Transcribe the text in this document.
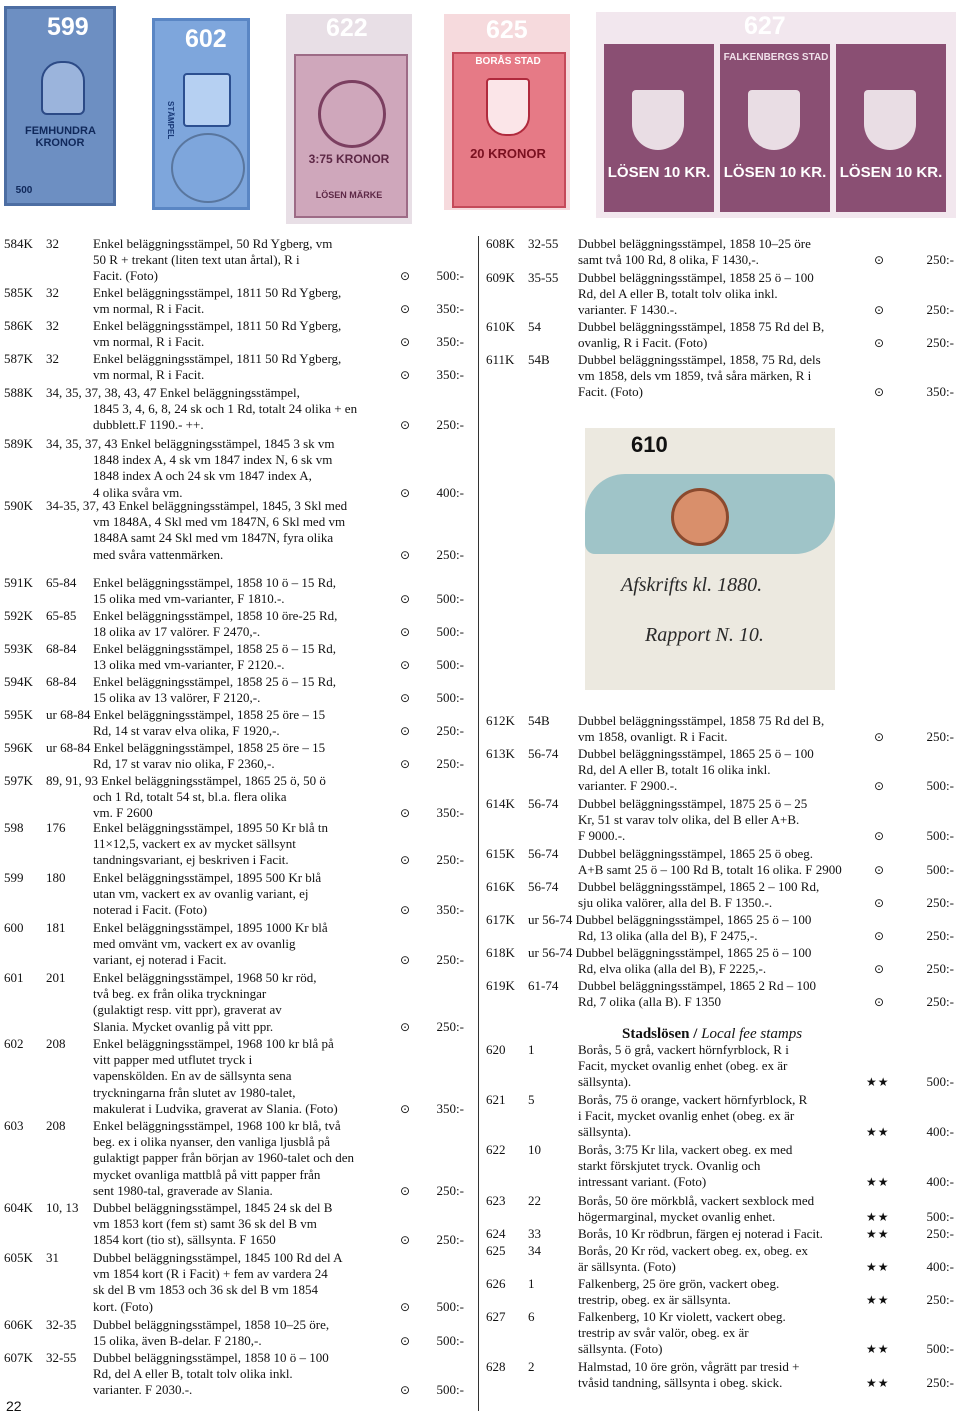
599
FEMHUNDRA KRONOR
500
602
STÄMPEL
622
3:75 KRONOR
LÖSEN MÄRKE
625
BORÅS STAD
20 KRONOR
627
FALKENBERGS STAD
LÖSEN 10 KR. LÖSEN 10 KR. LÖSEN 10 KR.
584K 32	Enkel beläggningsstämpel, 50 Rd Ygberg, vm
50 R + trekant (liten text utan årtal), R i
Facit. (Foto)	⊙	500:-
585K 32	Enkel beläggningsstämpel, 1811 50 Rd Ygberg,
vm normal, R i Facit.	⊙	350:-
586K 32	Enkel beläggningsstämpel, 1811 50 Rd Ygberg,
vm normal, R i Facit.	⊙	350:-
587K 32	Enkel beläggningsstämpel, 1811 50 Rd Ygberg,
vm normal, R i Facit.	⊙	350:-
588K 34, 35, 37, 38, 43, 47 Enkel beläggningsstämpel,
1845 3, 4, 6, 8, 24 sk och 1 Rd, totalt 24 olika + en
dubblett.F 1190.- ++.	⊙	250:-
589K 34, 35, 37, 43 Enkel beläggningsstämpel, 1845 3 sk vm
1848 index A, 4 sk vm 1847 index N, 6 sk vm
1848 index A och 24 sk vm 1847 index A,
4 olika svåra vm.	⊙	400:-
590K 34-35, 37, 43 Enkel beläggningsstämpel, 1845, 3 Skl med
vm 1848A, 4 Skl med vm 1847N, 6 Skl med vm
1848A samt 24 Skl med vm 1847N, fyra olika
med svåra vattenmärken.	⊙	250:-
591K 65-84 Enkel beläggningsstämpel, 1858 10 ö – 15 Rd,
15 olika med vm-varianter, F 1810.-.	⊙	500:-
592K 65-85 Enkel beläggningsstämpel, 1858 10 öre-25 Rd,
18 olika av 17 valörer. F 2470,-.	⊙	500:-
593K 68-84 Enkel beläggningsstämpel, 1858 25 ö – 15 Rd,
13 olika med vm-varianter, F 2120.-.	⊙	500:-
594K 68-84 Enkel beläggningsstämpel, 1858 25 ö – 15 Rd,
15 olika av 13 valörer, F 2120,-.	⊙	500:-
595K ur 68-84 Enkel beläggningsstämpel, 1858 25 öre – 15
Rd, 14 st varav elva olika, F 1920,-.	⊙	250:-
596K ur 68-84 Enkel beläggningsstämpel, 1858 25 öre – 15
Rd, 17 st varav nio olika, F 2360,-.	⊙	250:-
597K 89, 91, 93 Enkel beläggningsstämpel, 1865 25 ö, 50 ö
och 1 Rd, totalt 54 st, bl.a. flera olika
vm. F 2600	⊙	350:-
598 176 Enkel beläggningsstämpel, 1895 50 Kr blå tn
11×12,5, vackert ex av mycket sällsynt
tandningsvariant, ej beskriven i Facit.	⊙	250:-
599 180 Enkel beläggningsstämpel, 1895 500 Kr blå
utan vm, vackert ex av ovanlig variant, ej
noterad i Facit. (Foto)	⊙	350:-
600 181 Enkel beläggningsstämpel, 1895 1000 Kr blå
med omvänt vm, vackert ex av ovanlig
variant, ej noterad i Facit.	⊙	250:-
601 201 Enkel beläggningsstämpel, 1968 50 kr röd,
två beg. ex från olika tryckningar
(gulaktigt resp. vitt ppr), graverat av
Slania. Mycket ovanlig på vitt ppr.	⊙	250:-
602 208 Enkel beläggningsstämpel, 1968 100 kr blå på
vitt papper med utflutet tryck i
vapenskölden. En av de sällsynta sena
tryckningarna från slutet av 1980-talet,
makulerat i Ludvika, graverat av Slania. (Foto)	⊙	350:-
603 208 Enkel beläggningsstämpel, 1968 100 kr blå, två
beg. ex i olika nyanser, den vanliga ljusblå på
gulaktigt papper från början av 1960-talet och den
mycket ovanliga mattblå på vitt papper från
sent 1980-tal, graverade av Slania.	⊙	250:-
604K 10, 13 Dubbel beläggningsstämpel, 1845 24 sk del B
vm 1853 kort (fem st) samt 36 sk del B vm
1854 kort (tio st), sällsynta. F 1650	⊙	250:-
605K 31	Dubbel beläggningsstämpel, 1845 100 Rd del A
vm 1854 kort (R i Facit) + fem av vardera 24
sk del B vm 1853 och 36 sk del B vm 1854
kort. (Foto)	⊙	500:-
606K 32-35 Dubbel beläggningsstämpel, 1858 10–25 öre,
15 olika, även B-delar. F 2180,-.	⊙	500:-
607K 32-55 Dubbel beläggningsstämpel, 1858 10 ö – 100
Rd, del A eller B, totalt tolv olika inkl.
varianter. F 2030.-.	⊙	500:-
608K 32-55 Dubbel beläggningsstämpel, 1858 10–25 öre
samt två 100 Rd, 8 olika, F 1430,-.	⊙	250:-
609K 35-55 Dubbel beläggningsstämpel, 1858 25 ö – 100
Rd, del A eller B, totalt tolv olika inkl.
varianter. F 1430.-.	⊙	250:-
610K 54	Dubbel beläggningsstämpel, 1858 75 Rd del B,
ovanlig, R i Facit. (Foto)	⊙	250:-
611K 54B Dubbel beläggningsstämpel, 1858, 75 Rd, dels
vm 1858, dels vm 1859, två såra märken, R i
Facit. (Foto)	⊙	350:-
612K 54B Dubbel beläggningsstämpel, 1858 75 Rd del B,
vm 1858, ovanligt. R i Facit.	⊙	250:-
613K 56-74 Dubbel beläggningsstämpel, 1865 25 ö – 100
Rd, del A eller B, totalt 16 olika inkl.
varianter. F 2900.-.	⊙	500:-
614K 56-74 Dubbel beläggningsstämpel, 1875 25 ö – 25
Kr, 51 st varav tolv olika, del B eller A+B.
F 9000.-.	⊙	500:-
615K 56-74 Dubbel beläggningsstämpel, 1865 25 ö obeg.
A+B samt 25 ö – 100 Rd B, totalt 16 olika. F 2900	⊙	500:-
616K 56-74 Dubbel beläggningsstämpel, 1865 2 – 100 Rd,
sju olika valörer, alla del B. F 1350.-.	⊙	250:-
617K ur 56-74 Dubbel beläggningsstämpel, 1865 25 ö – 100
Rd, 13 olika (alla del B), F 2475,-.	⊙	250:-
618K ur 56-74 Dubbel beläggningsstämpel, 1865 25 ö – 100
Rd, elva olika (alla del B), F 2225,-.	⊙	250:-
619K 61-74 Dubbel beläggningsstämpel, 1865 2 Rd – 100
Rd, 7 olika (alla B). F 1350	⊙	250:-
620 1	Borås, 5 ö grå, vackert hörnfyrblock, R i
Facit, mycket ovanlig enhet (obeg. ex är
sällsynta).	★★	500:-
621 5	Borås, 75 ö orange, vackert hörnfyrblock, R
i Facit, mycket ovanlig enhet (obeg. ex är
sällsynta).	★★	400:-
622 10	Borås, 3:75 Kr lila, vackert obeg. ex med
starkt förskjutet tryck. Ovanlig och
intressant variant. (Foto)	★★	400:-
623 22	Borås, 50 öre mörkblå, vackert sexblock med
högermarginal, mycket ovanlig enhet.	★★	500:-
624 33	Borås, 10 Kr rödbrun, färgen ej noterad i Facit.	★★	250:-
625 34	Borås, 20 Kr röd, vackert obeg. ex, obeg. ex
är sällsynta. (Foto)	★★	400:-
626 1	Falkenberg, 25 öre grön, vackert obeg.
trestrip, obeg. ex är sällsynta.	★★	250:-
627 6	Falkenberg, 10 Kr violett, vackert obeg.
trestrip av svår valör, obeg. ex är
sällsynta. (Foto)	★★	500:-
628 2	Halmstad, 10 öre grön, vågrätt par tresid +
tvåsid tandning, sällsynta i obeg. skick.	★★	250:-
610
Afskrifts kl. 1880.
Rapport N. 10.
Stadslösen / Local fee stamps
22
